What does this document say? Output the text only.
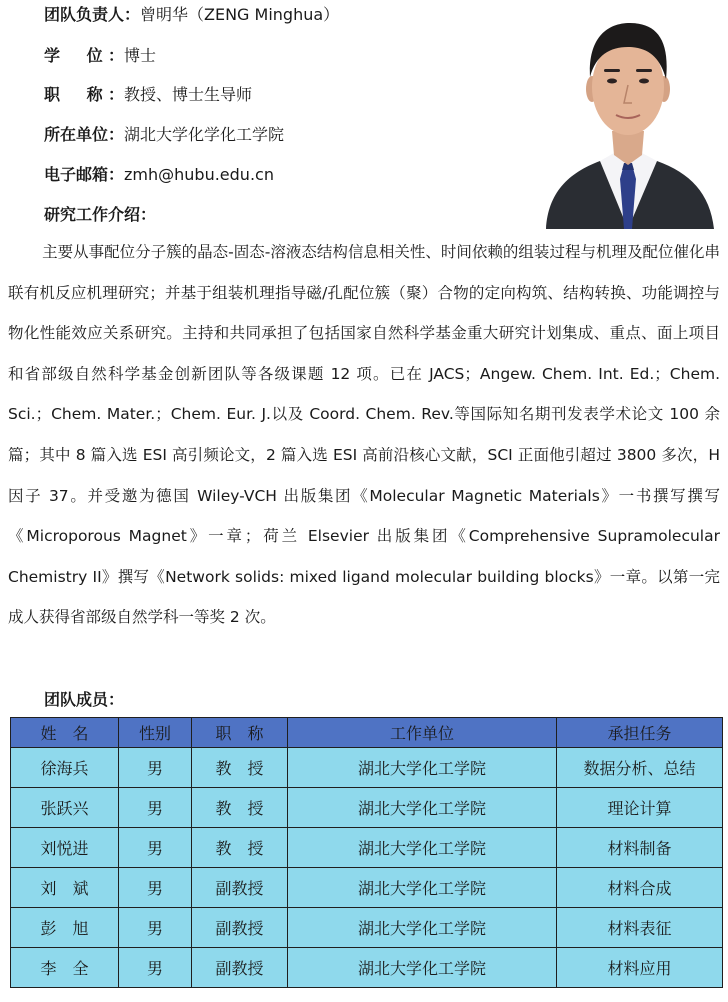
团队负责人：曾明华（ZENG Minghua）
学　位：博士
职　称：教授、博士生导师
所在单位：湖北大学化学化工学院
电子邮箱：zmh@hubu.edu.cn
研究工作介绍：

主要从事配位分子簇的晶态-固态-溶液态结构信息相关性、时间依赖的组装过程与机理及配位催化串联有机反应机理研究；并基于组装机理指导磁/孔配位簇（聚）合物的定向构筑、结构转换、功能调控与物化性能效应关系研究。主持和共同承担了包括国家自然科学基金重大研究计划集成、重点、面上项目和省部级自然科学基金创新团队等各级课题 12 项。已在 JACS；Angew. Chem. Int. Ed.；Chem. Sci.；Chem. Mater.；Chem. Eur. J.以及 Coord. Chem. Rev.等国际知名期刊发表学术论文 100 余篇；其中 8 篇入选 ESI 高引频论文，2 篇入选 ESI 高前沿核心文献，SCI 正面他引超过 3800 多次，H 因子 37。并受邀为德国 Wiley-VCH 出版集团《Molecular Magnetic Materials》一书撰写撰写《Microporous Magnet》一章；荷兰 Elsevier 出版集团《Comprehensive Supramolecular Chemistry II》撰写《Network solids: mixed ligand molecular building blocks》一章。以第一完成人获得省部级自然学科一等奖 2 次。

团队成员：
姓　名	性别	职　称	工作单位	承担任务
徐海兵	男	教　授	湖北大学化工学院	数据分析、总结
张跃兴	男	教　授	湖北大学化工学院	理论计算
刘悦进	男	教　授	湖北大学化工学院	材料制备
刘　斌	男	副教授	湖北大学化工学院	材料合成
彭　旭	男	副教授	湖北大学化工学院	材料表征
李　全	男	副教授	湖北大学化工学院	材料应用
